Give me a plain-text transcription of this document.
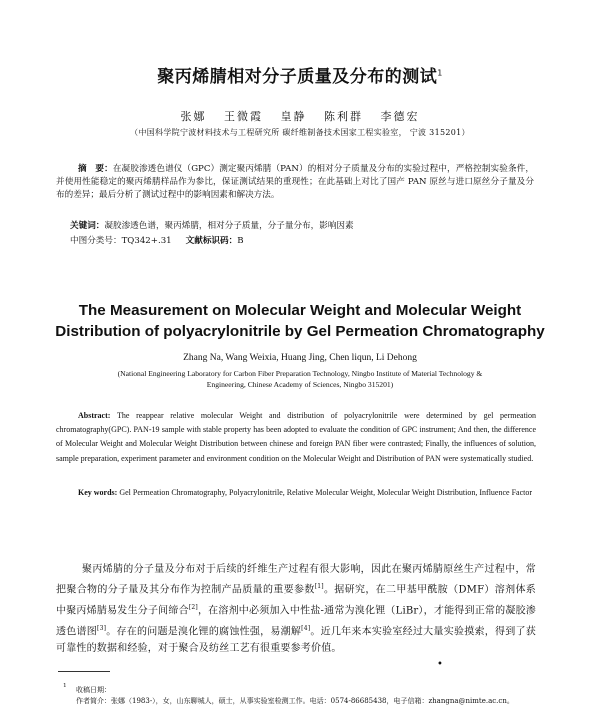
聚丙烯腈相对分子质量及分布的测试$^1$
张娜 王微霞 皇静 陈利群 李德宏
（中国科学院宁波材料技术与工程研究所 碳纤维制备技术国家工程实验室， 宁波 315201）
摘　要：在凝胶渗透色谱仪（GPC）测定聚丙烯腈（PAN）的相对分子质量及分布的实验过程中，严格控制实验条件，并使用性能稳定的聚丙烯腈样品作为参比，保证测试结果的重现性；在此基础上对比了国产 PAN 原丝与进口原丝分子量及分布的差异；最后分析了测试过程中的影响因素和解决方法。
关键词：凝胶渗透色谱，聚丙烯腈，相对分子质量，分子量分布，影响因素
中图分类号：TQ342+.31 文献标识码：B
The Measurement on Molecular Weight and Molecular Weight
Distribution of polyacrylonitrile by Gel Permeation Chromatography
Zhang Na, Wang Weixia, Huang Jing, Chen liqun, Li Dehong
(National Engineering Laboratory for Carbon Fiber Preparation Technology, Ningbo Institute of Material Technology &
Engineering, Chinese Academy of Sciences, Ningbo 315201)
Abstract: The reappear relative molecular Weight and distribution of polyacrylonitrile were determined by gel permeation chromatography(GPC). PAN-19 sample with stable property has been adopted to evaluate the condition of GPC instrument; And then, the difference of Molecular Weight and Molecular Weight Distribution between chinese and foreign PAN fiber were contrasted; Finally, the influences of solution, sample preparation, experiment parameter and environment condition on the Molecular Weight and Distribution of PAN were systematically studied.
Key words: Gel Permeation Chromatography, Polyacrylonitrile, Relative Molecular Weight, Molecular Weight Distribution, Influence Factor
聚丙烯腈的分子量及分布对于后续的纤维生产过程有很大影响，因此在聚丙烯腈原丝生产过程中，常把聚合物的分子量及其分布作为控制产品质量的重要参数[1]。据研究，在二甲基甲酰胺（DMF）溶剂体系中聚丙烯腈易发生分子间缔合[2]，在溶剂中必须加入中性盐-通常为溴化锂（LiBr），才能得到正常的凝胶渗透色谱图[3]。存在的问题是溴化锂的腐蚀性强，易潮解[4]。近几年来本实验室经过大量实验摸索，得到了获可靠性的数据和经验，对于聚合及纺丝工艺有很重要参考价值。
•
$^1$ 收稿日期：
作者简介：张娜（1983-），女，山东聊城人，硕士，从事实验室检测工作。电话：0574-86685438，电子信箱：zhangna@nimte.ac.cn。
